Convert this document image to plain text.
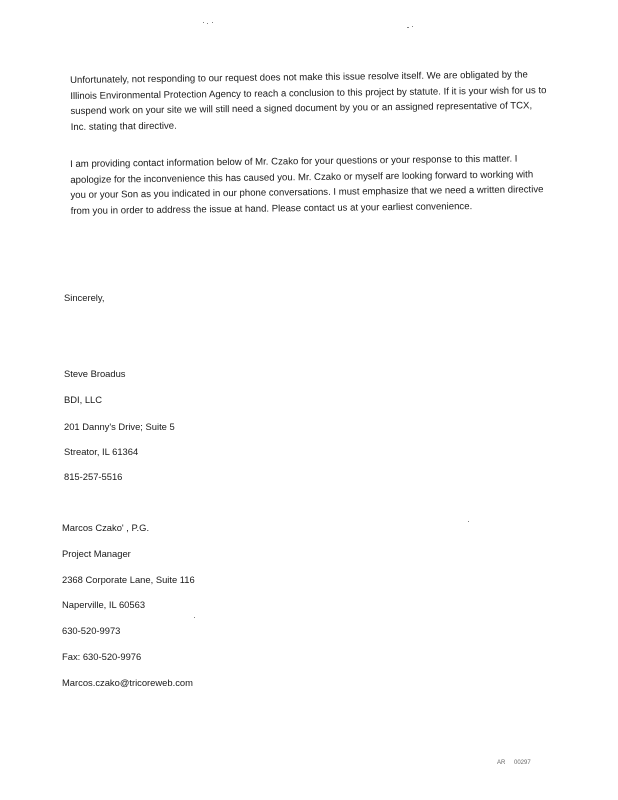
Unfortunately, not responding to our request does not make this issue resolve itself. We are obligated by the Illinois Environmental Protection Agency to reach a conclusion to this project by statute. If it is your wish for us to suspend work on your site we will still need a signed document by you or an assigned representative of TCX, Inc. stating that directive.

I am providing contact information below of Mr. Czako for your questions or your response to this matter. I apologize for the inconvenience this has caused you. Mr. Czako or myself are looking forward to working with you or your Son as you indicated in our phone conversations. I must emphasize that we need a written directive from you in order to address the issue at hand. Please contact us at your earliest convenience.

Sincerely,
Steve Broadus
BDI, LLC
201 Danny's Drive; Suite 5
Streator, IL 61364
815-257-5516
Marcos Czako' , P.G.
Project Manager
2368 Corporate Lane, Suite 116
Naperville, IL 60563
630-520-9973
Fax: 630-520-9976
Marcos.czako@tricoreweb.com
AR 00297
